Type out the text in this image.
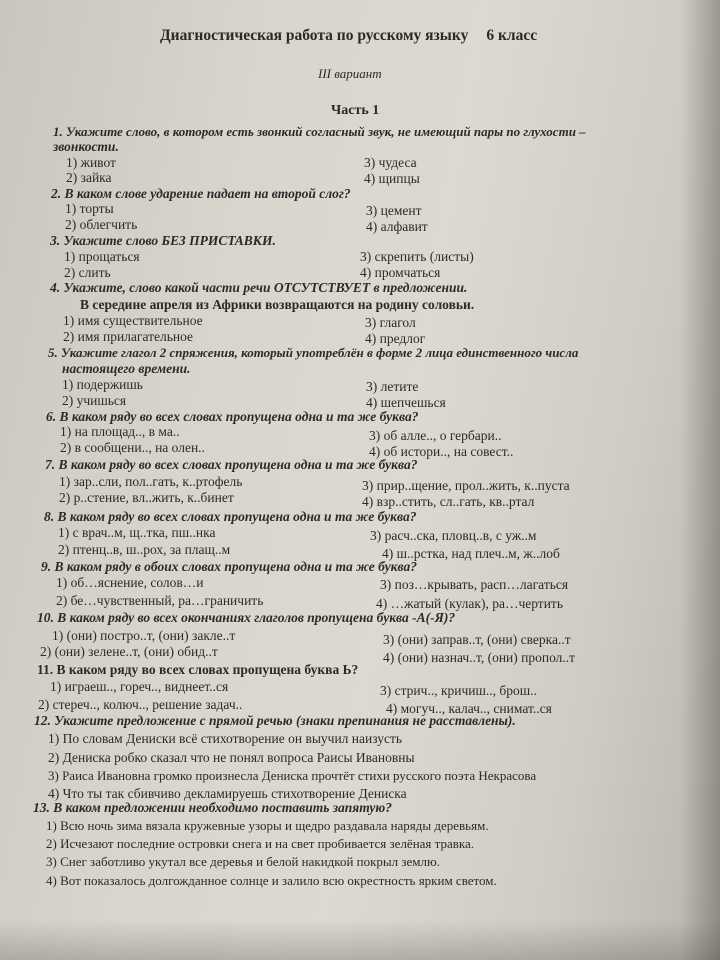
Диагностическая работа по русскому языку 6 класс
III вариант
Часть 1
1. Укажите слово, в котором есть звонкий согласный звук, не имеющий пары по глухости –
звонкости.
1) живот	3) чудеса
2) зайка	4) щипцы
2. В каком слове ударение падает на второй слог?
1) торты	3) цемент
2) облегчить	4) алфавит
3. Укажите слово БЕЗ ПРИСТАВКИ.
1) прощаться	3) скрепить (листы)
2) слить	4) промчаться
4. Укажите, слово какой части речи ОТСУТСТВУЕТ в предложении.
В середине апреля из Африки возвращаются на родину соловьи.
1) имя существительное	3) глагол
2) имя прилагательное	4) предлог
5. Укажите глагол 2 спряжения, который употреблён в форме 2 лица единственного числа
настоящего времени.
1) подержишь	3) летите
2) учишься	4) шепчешься
6. В каком ряду во всех словах пропущена одна и та же буква?
1) на площад.., в ма..	3) об алле.., о гербари..
2) в сообщени.., на олен..	4) об истори.., на совест..
7. В каком ряду во всех словах пропущена одна и та же буква?
1) зар..сли, пол..гать, к..ртофель	3) прир..щение, прол..жить, к..пуста
2) р..стение, вл..жить, к..бинет	4) взр..стить, сл..гать, кв..ртал
8. В каком ряду во всех словах пропущена одна и та же буква?
1) с врач..м, щ..тка, пш..нка	3) расч..ска, пловц..в, с уж..м
2) птенц..в, ш..рох, за плащ..м	4) ш..рстка, над плеч..м, ж..лоб
9. В каком ряду в обоих словах пропущена одна и та же буква?
1) об…яснение, солов…и	3) поз…крывать, расп…лагаться
2) бе…чувственный, ра…граничить	4) …жатый (кулак), ра…чертить
10. В каком ряду во всех окончаниях глаголов пропущена буква -А(-Я)?
1) (они) постро..т, (они) закле..т	3) (они) заправ..т, (они) сверка..т
2) (они) зелене..т, (они) обид..т	4) (они) назнач..т, (они) пропол..т
11. В каком ряду во всех словах пропущена буква Ь?
1) играеш.., гореч.., виднеет..ся	3) стрич.., кричиш.., брош..
2) стереч.., колюч.., решение задач..	4) могуч.., калач.., снимат..ся
12. Укажите предложение с прямой речью (знаки препинания не расставлены).
1) По словам Дениски всё стихотворение он выучил наизусть
2) Дениска робко сказал что не понял вопроса Раисы Ивановны
3) Раиса Ивановна громко произнесла Дениска прочтёт стихи русского поэта Некрасова
4) Что ты так сбивчиво декламируешь стихотворение Дениска
13. В каком предложении необходимо поставить запятую?
1) Всю ночь зима вязала кружевные узоры и щедро раздавала наряды деревьям.
2) Исчезают последние островки снега и на свет пробивается зелёная травка.
3) Снег заботливо укутал все деревья и белой накидкой покрыл землю.
4) Вот показалось долгожданное солнце и залило всю окрестность ярким светом.
